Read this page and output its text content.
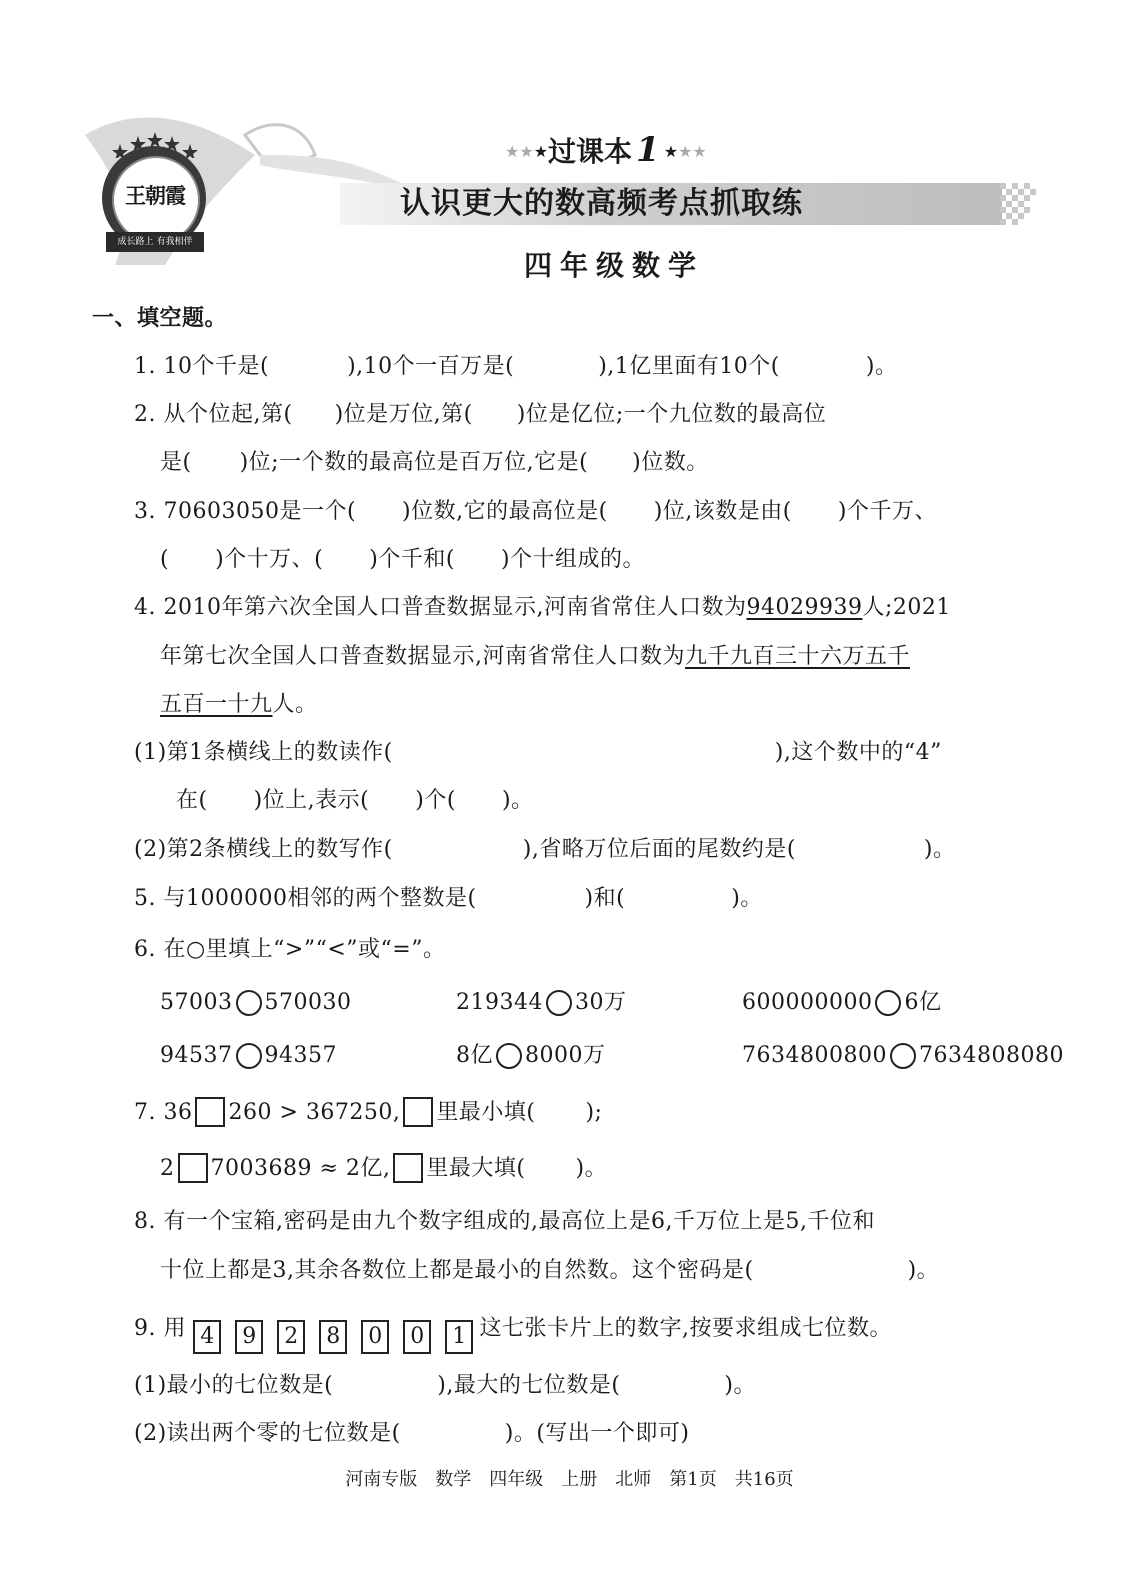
王朝霞
成长路上 有我相伴
★★★过课本 1 ★★★
认识更大的数高频考点抓取练
四年级数学
一、填空题。
1. 10个千是(	),10个一百万是(	),1亿里面有10个(	)。
2. 从个位起,第( )位是万位,第( )位是亿位;一个九位数的最高位
是( )位;一个数的最高位是百万位,它是( )位数。
3. 70603050是一个( )位数,它的最高位是( )位,该数是由( )个千万、
( )个十万、( )个千和( )个十组成的。
4. 2010年第六次全国人口普查数据显示,河南省常住人口数为94029939人;2021
年第七次全国人口普查数据显示,河南省常住人口数为九千九百三十六万五千
五百一十九人。
(1)第1条横线上的数读作(	),这个数中的“4”
在( )位上,表示( )个( )。
(2)第2条横线上的数写作(	),省略万位后面的尾数约是(	)。
5. 与1000000相邻的两个整数是(	)和(	)。
6. 在○里填上“>”“<”或“=”。
57003 570030	219344 30万	600000000 6亿
94537 94357	8亿 8000万	7634800800 7634808080
7. 36 260 > 367250, 里最小填( );
2 7003689 ≈ 2亿, 里最大填( )。
8. 有一个宝箱,密码是由九个数字组成的,最高位上是6,千万位上是5,千位和
十位上都是3,其余各数位上都是最小的自然数。这个密码是(	)。
9. 用 4 9 2 8 0 0 1 这七张卡片上的数字,按要求组成七位数。
(1)最小的七位数是(	),最大的七位数是(	)。
(2)读出两个零的七位数是(	)。(写出一个即可)
河南专版　数学　四年级　上册　北师　第1页　共16页
